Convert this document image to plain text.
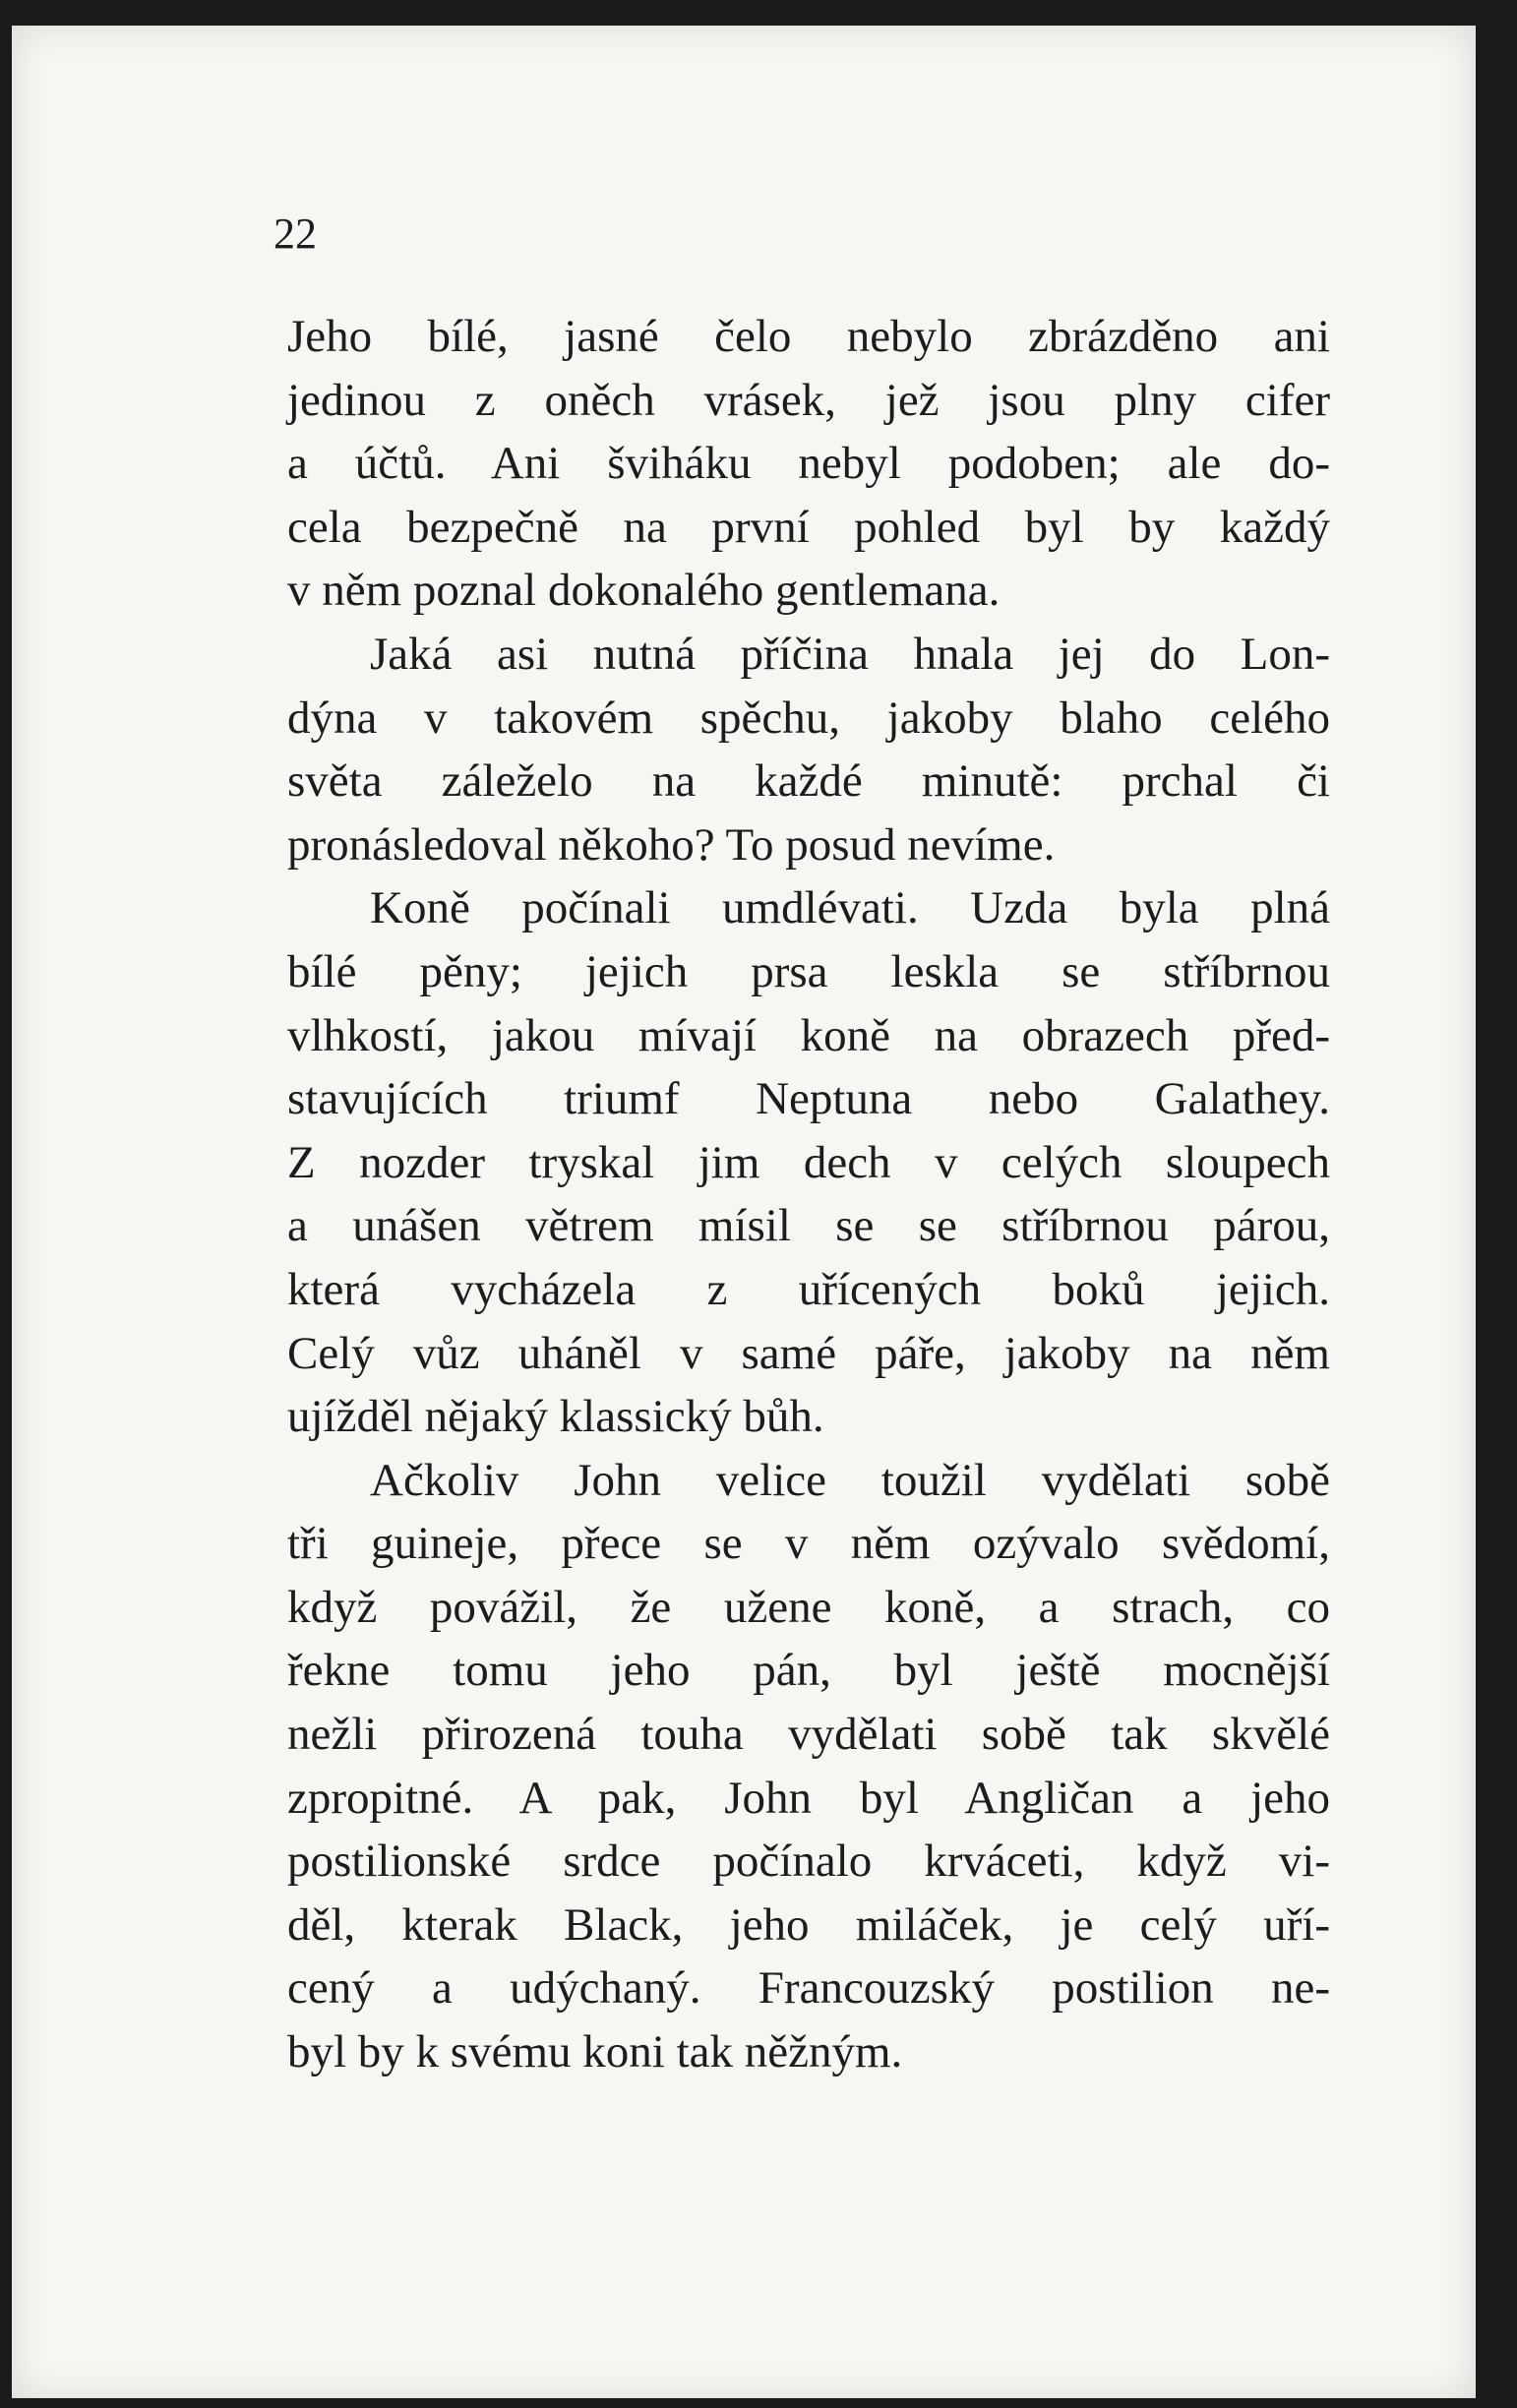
22
Jeho bílé, jasné čelo nebylo zbrázděno ani
jedinou z oněch vrásek, jež jsou plny cifer
a účtů. Ani šviháku nebyl podoben; ale do-
cela bezpečně na první pohled byl by každý
v něm poznal dokonalého gentlemana.
Jaká asi nutná příčina hnala jej do Lon-
dýna v takovém spěchu, jakoby blaho celého
světa záleželo na každé minutě: prchal či
pronásledoval někoho? To posud nevíme.
Koně počínali umdlévati. Uzda byla plná
bílé pěny; jejich prsa leskla se stříbrnou
vlhkostí, jakou mívají koně na obrazech před-
stavujících triumf Neptuna nebo Galathey.
Z nozder tryskal jim dech v celých sloupech
a unášen větrem mísil se se stříbrnou párou,
která vycházela z uřícených boků jejich.
Celý vůz uháněl v samé páře, jakoby na něm
ujížděl nějaký klassický bůh.
Ačkoliv John velice toužil vydělati sobě
tři guineje, přece se v něm ozývalo svědomí,
když povážil, že užene koně, a strach, co
řekne tomu jeho pán, byl ještě mocnější
nežli přirozená touha vydělati sobě tak skvělé
zpropitné. A pak, John byl Angličan a jeho
postilionské srdce počínalo krváceti, když vi-
děl, kterak Black, jeho miláček, je celý uří-
cený a udýchaný. Francouzský postilion ne-
byl by k svému koni tak něžným.
